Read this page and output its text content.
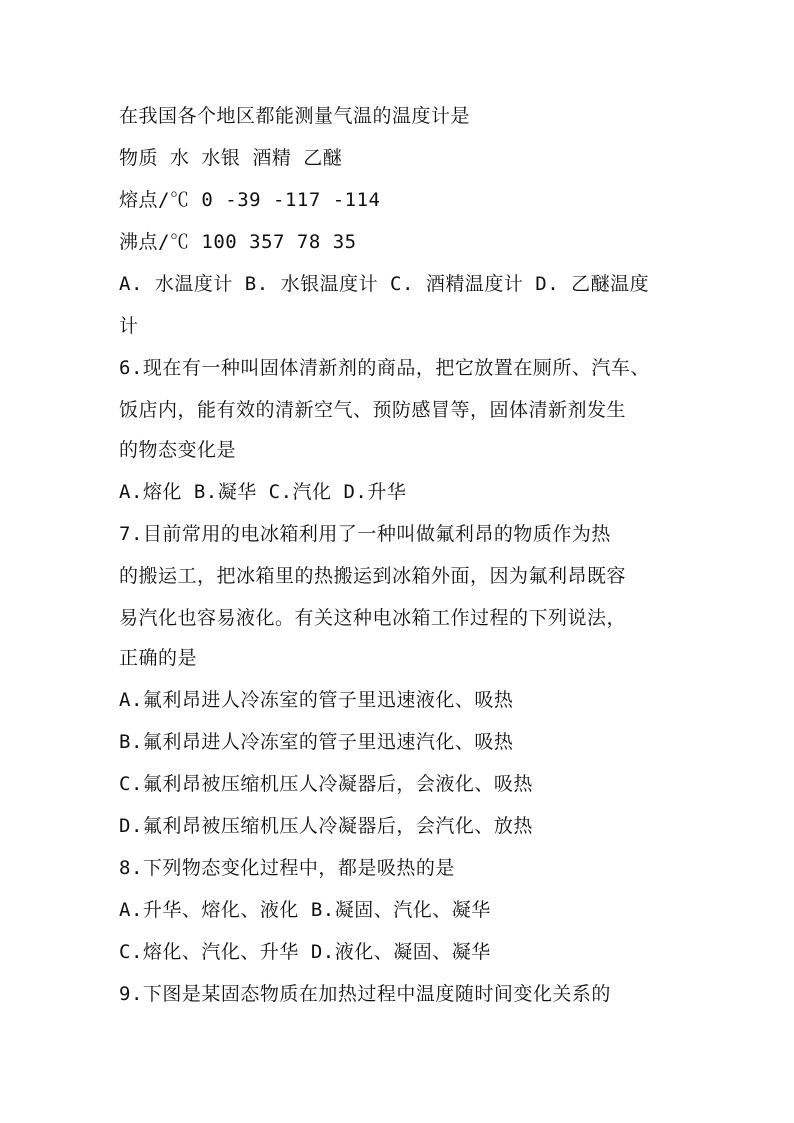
在我国各个地区都能测量气温的温度计是
物质 水 水银 酒精 乙醚
熔点/℃ 0 -39 -117 -114
沸点/℃ 100 357 78 35
A. 水温度计 B. 水银温度计 C. 酒精温度计 D. 乙醚温度
计
6.现在有一种叫固体清新剂的商品，把它放置在厕所、汽车、
饭店内，能有效的清新空气、预防感冒等，固体清新剂发生
的物态变化是
A.熔化 B.凝华 C.汽化 D.升华
7.目前常用的电冰箱利用了一种叫做氟利昂的物质作为热
的搬运工，把冰箱里的热搬运到冰箱外面，因为氟利昂既容
易汽化也容易液化。有关这种电冰箱工作过程的下列说法，
正确的是
A.氟利昂进人冷冻室的管子里迅速液化、吸热
B.氟利昂进人冷冻室的管子里迅速汽化、吸热
C.氟利昂被压缩机压人冷凝器后，会液化、吸热
D.氟利昂被压缩机压人冷凝器后，会汽化、放热
8.下列物态变化过程中，都是吸热的是
A.升华、熔化、液化 B.凝固、汽化、凝华
C.熔化、汽化、升华 D.液化、凝固、凝华
9.下图是某固态物质在加热过程中温度随时间变化关系的
